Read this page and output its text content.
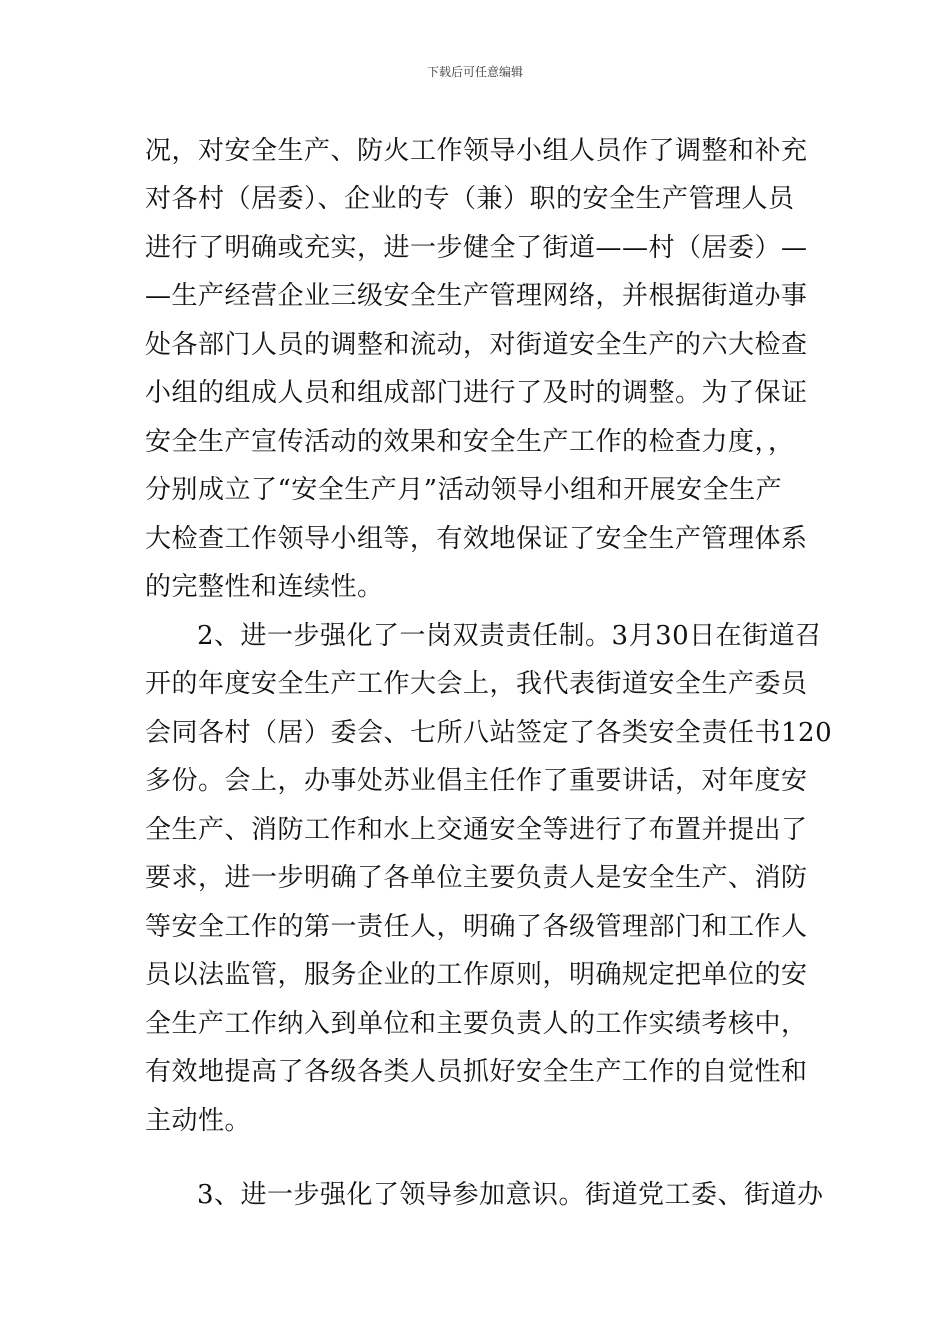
下载后可任意编辑
况，对安全生产、防火工作领导小组人员作了调整和补充
对各村（居委）、企业的专（兼）职的安全生产管理人员
进行了明确或充实，进一步健全了街道——村（居委）—
—生产经营企业三级安全生产管理网络，并根据街道办事
处各部门人员的调整和流动，对街道安全生产的六大检查
小组的组成人员和组成部门进行了及时的调整。为了保证
安全生产宣传活动的效果和安全生产工作的检查力度，，
分别成立了“安全生产月”活动领导小组和开展安全生产
大检查工作领导小组等，有效地保证了安全生产管理体系
的完整性和连续性。
2、进一步强化了一岗双责责任制。3月30日在街道召
开的年度安全生产工作大会上，我代表街道安全生产委员
会同各村（居）委会、七所八站签定了各类安全责任书120
多份。会上，办事处苏业倡主任作了重要讲话，对年度安
全生产、消防工作和水上交通安全等进行了布置并提出了
要求，进一步明确了各单位主要负责人是安全生产、消防
等安全工作的第一责任人，明确了各级管理部门和工作人
员以法监管，服务企业的工作原则，明确规定把单位的安
全生产工作纳入到单位和主要负责人的工作实绩考核中，
有效地提高了各级各类人员抓好安全生产工作的自觉性和
主动性。
3、进一步强化了领导参加意识。街道党工委、街道办
